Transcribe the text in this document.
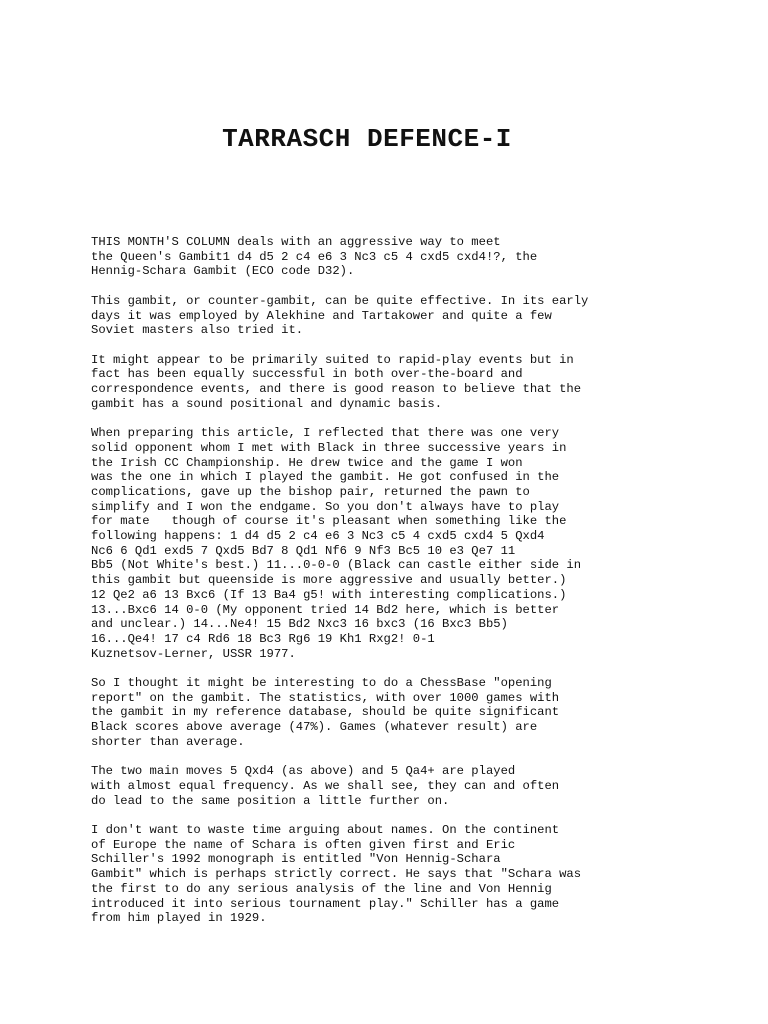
TARRASCH DEFENCE-I

THIS MONTH'S COLUMN deals with an aggressive way to meet
the Queen's Gambit1 d4 d5 2 c4 e6 3 Nc3 c5 4 cxd5 cxd4!?, the
Hennig-Schara Gambit (ECO code D32).

This gambit, or counter-gambit, can be quite effective. In its early
days it was employed by Alekhine and Tartakower and quite a few
Soviet masters also tried it.

It might appear to be primarily suited to rapid-play events but in
fact has been equally successful in both over-the-board and
correspondence events, and there is good reason to believe that the
gambit has a sound positional and dynamic basis.

When preparing this article, I reflected that there was one very
solid opponent whom I met with Black in three successive years in
the Irish CC Championship. He drew twice and the game I won
was the one in which I played the gambit. He got confused in the
complications, gave up the bishop pair, returned the pawn to
simplify and I won the endgame. So you don't always have to play
for mate   though of course it's pleasant when something like the
following happens: 1 d4 d5 2 c4 e6 3 Nc3 c5 4 cxd5 cxd4 5 Qxd4
Nc6 6 Qd1 exd5 7 Qxd5 Bd7 8 Qd1 Nf6 9 Nf3 Bc5 10 e3 Qe7 11
Bb5 (Not White's best.) 11...0-0-0 (Black can castle either side in
this gambit but queenside is more aggressive and usually better.)
12 Qe2 a6 13 Bxc6 (If 13 Ba4 g5! with interesting complications.)
13...Bxc6 14 0-0 (My opponent tried 14 Bd2 here, which is better
and unclear.) 14...Ne4! 15 Bd2 Nxc3 16 bxc3 (16 Bxc3 Bb5)
16...Qe4! 17 c4 Rd6 18 Bc3 Rg6 19 Kh1 Rxg2! 0-1
Kuznetsov-Lerner, USSR 1977.

So I thought it might be interesting to do a ChessBase "opening
report" on the gambit. The statistics, with over 1000 games with
the gambit in my reference database, should be quite significant
Black scores above average (47%). Games (whatever result) are
shorter than average.

The two main moves 5 Qxd4 (as above) and 5 Qa4+ are played
with almost equal frequency. As we shall see, they can and often
do lead to the same position a little further on.

I don't want to waste time arguing about names. On the continent
of Europe the name of Schara is often given first and Eric
Schiller's 1992 monograph is entitled "Von Hennig-Schara
Gambit" which is perhaps strictly correct. He says that "Schara was
the first to do any serious analysis of the line and Von Hennig
introduced it into serious tournament play." Schiller has a game
from him played in 1929.
